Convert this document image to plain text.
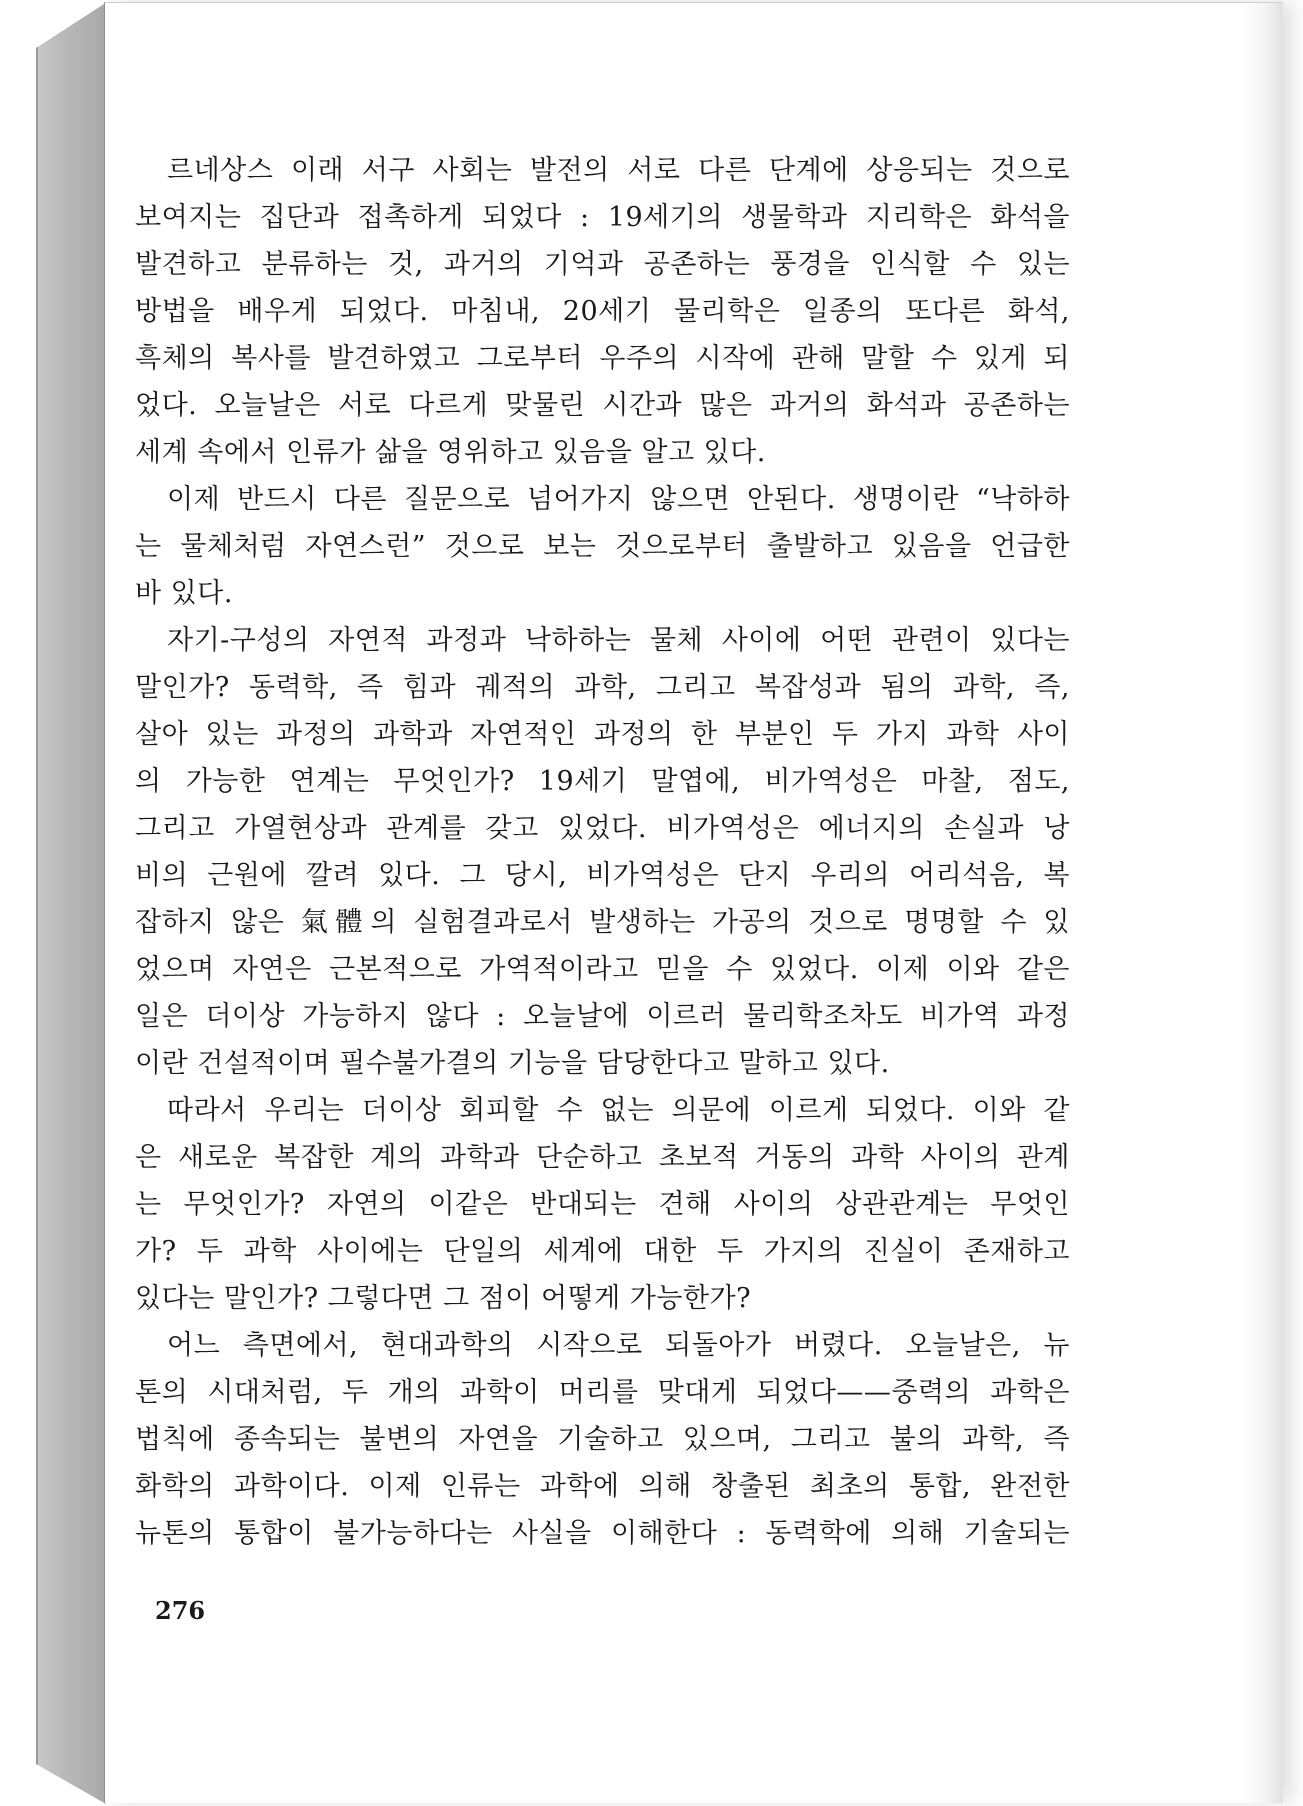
르네상스 이래 서구 사회는 발전의 서로 다른 단계에 상응되는 것으로
보여지는 집단과 접촉하게 되었다 : 19세기의 생물학과 지리학은 화석을
발견하고 분류하는 것, 과거의 기억과 공존하는 풍경을 인식할 수 있는
방법을 배우게 되었다. 마침내, 20세기 물리학은 일종의 또다른 화석,
흑체의 복사를 발견하였고 그로부터 우주의 시작에 관해 말할 수 있게 되
었다. 오늘날은 서로 다르게 맞물린 시간과 많은 과거의 화석과 공존하는
세계 속에서 인류가 삶을 영위하고 있음을 알고 있다.
이제 반드시 다른 질문으로 넘어가지 않으면 안된다. 생명이란 “낙하하
는 물체처럼 자연스런” 것으로 보는 것으로부터 출발하고 있음을 언급한
바 있다.
자기-구성의 자연적 과정과 낙하하는 물체 사이에 어떤 관련이 있다는
말인가? 동력학, 즉 힘과 궤적의 과학, 그리고 복잡성과 됨의 과학, 즉,
살아 있는 과정의 과학과 자연적인 과정의 한 부분인 두 가지 과학 사이
의 가능한 연계는 무엇인가? 19세기 말엽에, 비가역성은 마찰, 점도,
그리고 가열현상과 관계를 갖고 있었다. 비가역성은 에너지의 손실과 낭
비의 근원에 깔려 있다. 그 당시, 비가역성은 단지 우리의 어리석음, 복
잡하지 않은 氣體의 실험결과로서 발생하는 가공의 것으로 명명할 수 있
었으며 자연은 근본적으로 가역적이라고 믿을 수 있었다. 이제 이와 같은
일은 더이상 가능하지 않다 : 오늘날에 이르러 물리학조차도 비가역 과정
이란 건설적이며 필수불가결의 기능을 담당한다고 말하고 있다.
따라서 우리는 더이상 회피할 수 없는 의문에 이르게 되었다. 이와 같
은 새로운 복잡한 계의 과학과 단순하고 초보적 거동의 과학 사이의 관계
는 무엇인가? 자연의 이같은 반대되는 견해 사이의 상관관계는 무엇인
가? 두 과학 사이에는 단일의 세계에 대한 두 가지의 진실이 존재하고
있다는 말인가? 그렇다면 그 점이 어떻게 가능한가?
어느 측면에서, 현대과학의 시작으로 되돌아가 버렸다. 오늘날은, 뉴
톤의 시대처럼, 두 개의 과학이 머리를 맞대게 되었다——중력의 과학은
법칙에 종속되는 불변의 자연을 기술하고 있으며, 그리고 불의 과학, 즉
화학의 과학이다. 이제 인류는 과학에 의해 창출된 최초의 통합, 완전한
뉴톤의 통합이 불가능하다는 사실을 이해한다 : 동력학에 의해 기술되는
276
